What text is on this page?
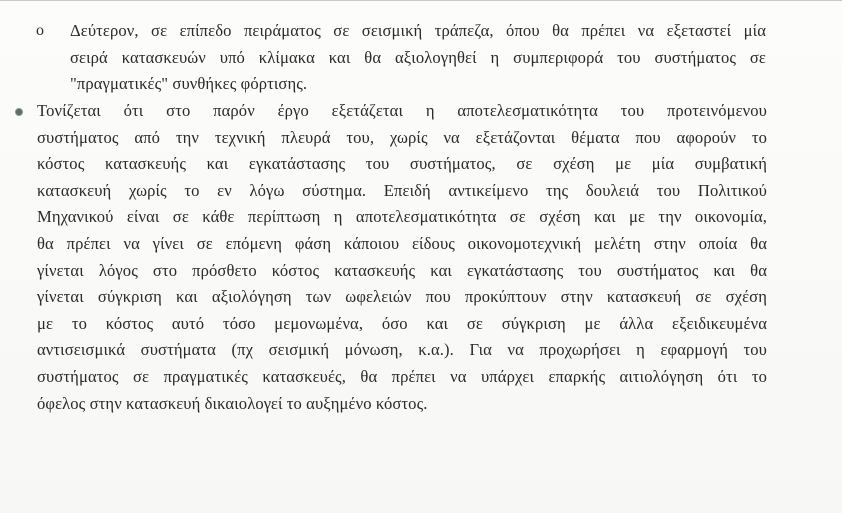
o Δεύτερον, σε επίπεδο πειράματος σε σεισμική τράπεζα, όπου θα πρέπει να εξεταστεί μία
σειρά κατασκευών υπό κλίμακα και θα αξιολογηθεί η συμπεριφορά του συστήματος σε
"πραγματικές" συνθήκες φόρτισης.
Τονίζεται ότι στο παρόν έργο εξετάζεται η αποτελεσματικότητα του προτεινόμενου
συστήματος από την τεχνική πλευρά του, χωρίς να εξετάζονται θέματα που αφορούν το
κόστος κατασκευής και εγκατάστασης του συστήματος, σε σχέση με μία συμβατική
κατασκευή χωρίς το εν λόγω σύστημα. Επειδή αντικείμενο της δουλειά του Πολιτικού
Μηχανικού είναι σε κάθε περίπτωση η αποτελεσματικότητα σε σχέση και με την οικονομία,
θα πρέπει να γίνει σε επόμενη φάση κάποιου είδους οικονομοτεχνική μελέτη στην οποία θα
γίνεται λόγος στο πρόσθετο κόστος κατασκευής και εγκατάστασης του συστήματος και θα
γίνεται σύγκριση και αξιολόγηση των ωφελειών που προκύπτουν στην κατασκευή σε σχέση
με το κόστος αυτό τόσο μεμονωμένα, όσο και σε σύγκριση με άλλα εξειδικευμένα
αντισεισμικά συστήματα (πχ σεισμική μόνωση, κ.α.). Για να προχωρήσει η εφαρμογή του
συστήματος σε πραγματικές κατασκευές, θα πρέπει να υπάρχει επαρκής αιτιολόγηση ότι το
όφελος στην κατασκευή δικαιολογεί το αυξημένο κόστος.
